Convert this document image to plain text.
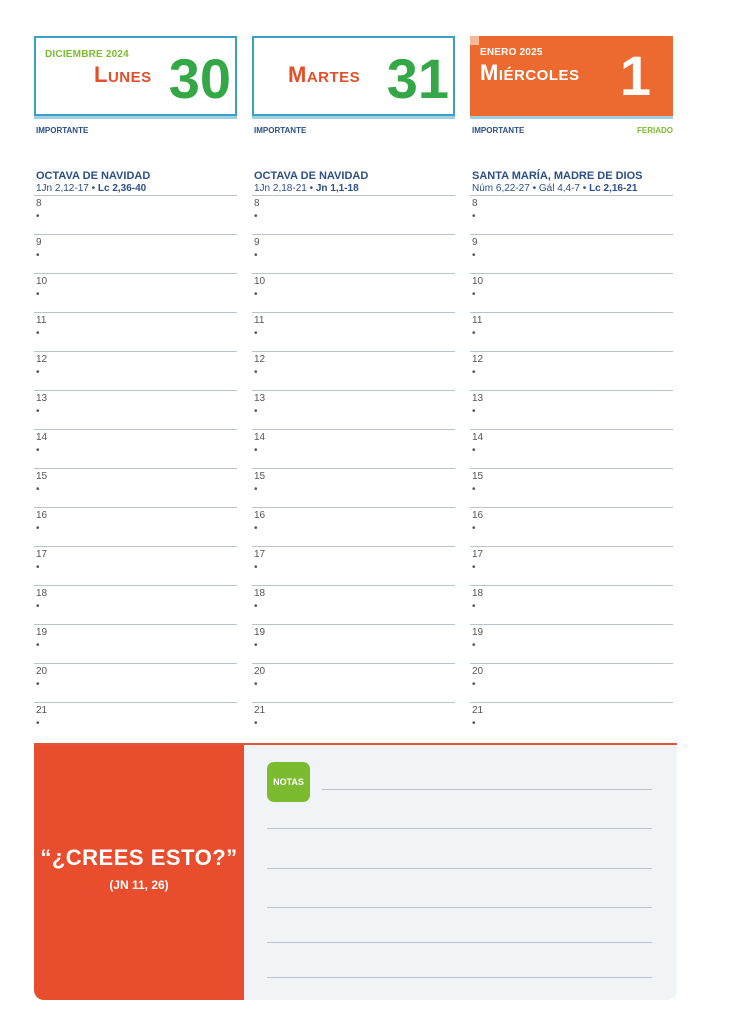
DICIEMBRE 2024
Lunes 30
IMPORTANTE
OCTAVA DE NAVIDAD
1Jn 2,12-17 • Lc 2,36-40
8
•
9
•
10
•
11
•
12
•
13
•
14
•
15
•
16
•
17
•
18
•
19
•
20
•
21
•
Martes 31
IMPORTANTE
OCTAVA DE NAVIDAD
1Jn 2,18-21 • Jn 1,1-18
8
•
9
•
10
•
11
•
12
•
13
•
14
•
15
•
16
•
17
•
18
•
19
•
20
•
21
•
ENERO 2025
Miércoles 1
IMPORTANTE	FERIADO
SANTA MARÍA, MADRE DE DIOS
Núm 6,22-27 • Gál 4,4-7 • Lc 2,16-21
8
•
9
•
10
•
11
•
12
•
13
•
14
•
15
•
16
•
17
•
18
•
19
•
20
•
21
•
“¿CREES ESTO?”
(JN 11, 26)
NOTAS
